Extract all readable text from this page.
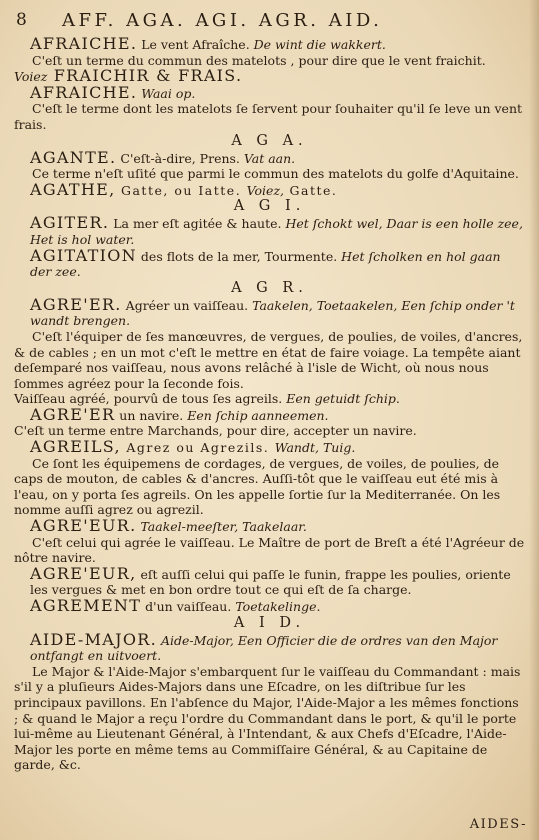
8 AFF. AGA. AGI. AGR. AID.

AFRAICHE. Le vent Afraîche. De wint die wakkert.

C'eſt un terme du commun des matelots , pour dire que le vent fraichit.

Voiez FRAICHIR & FRAIS.

AFRAICHE. Waai op.

C'eſt le terme dont les matelots ſe ſervent pour ſouhaiter qu'il ſe leve un vent frais.

A G A.

AGANTE. C'eſt-à-dire, Prens. Vat aan.

Ce terme n'eſt uſité que parmi le commun des matelots du golfe d'Aquitaine.

AGATHE, Gatte, ou Iatte. Voiez, Gatte.

A G I.

AGITER. La mer eſt agitée & haute. Het ſchokt wel, Daar is een holle zee, Het is hol water.

AGITATION des flots de la mer, Tourmente. Het ſcholken en hol gaan der zee.

A G R.

AGRE'ER. Agréer un vaiſſeau. Taakelen, Toetaakelen, Een ſchip onder 't wandt brengen.

C'eſt l'équiper de ſes manœuvres, de vergues, de poulies, de voiles, d'ancres, & de cables ; en un mot c'eſt le mettre en état de faire voiage. La tempête aiant deſemparé nos vaiſſeau, nous avons relâché à l'isle de Wicht, où nous nous ſommes agréez pour la ſeconde fois.

Vaiſſeau agréé, pourvû de tous ſes agreils. Een getuidt ſchip.

AGRE'ER un navire. Een ſchip aanneemen.

C'eſt un terme entre Marchands, pour dire, accepter un navire.

AGREILS, Agrez ou Agrezils. Wandt, Tuig.

Ce ſont les équipemens de cordages, de vergues, de voiles, de poulies, de caps de mouton, de cables & d'ancres. Auſſi-tôt que le vaiſſeau eut été mis à l'eau, on y porta ſes agreils. On les appelle ſortie ſur la Mediterranée. On les nomme auſſi agrez ou agrezil.

AGRE'EUR. Taakel-meeſter, Taakelaar.

C'eſt celui qui agrée le vaiſſeau. Le Maître de port de Breſt a été l'Agréeur de nôtre navire.

AGRE'EUR, eſt auſſi celui qui paſſe le funin, frappe les poulies, oriente les vergues & met en bon ordre tout ce qui eſt de ſa charge.

AGREMENT d'un vaiſſeau. Toetakelinge.

A I D.

AIDE-MAJOR. Aide-Major, Een Officier die de ordres van den Major ontfangt en uitvoert.

Le Major & l'Aide-Major s'embarquent ſur le vaiſſeau du Commandant : mais s'il y a pluſieurs Aides-Majors dans une Eſcadre, on les diſtribue ſur les principaux pavillons. En l'abſence du Major, l'Aide-Major a les mêmes fonctions ; & quand le Major a reçu l'ordre du Commandant dans le port, & qu'il le porte lui-même au Lieutenant Général, à l'Intendant, & aux Chefs d'Eſcadre, l'Aide-Major les porte en même tems au Commiſſaire Général, & au Capitaine de garde, &c.

AIDES-
